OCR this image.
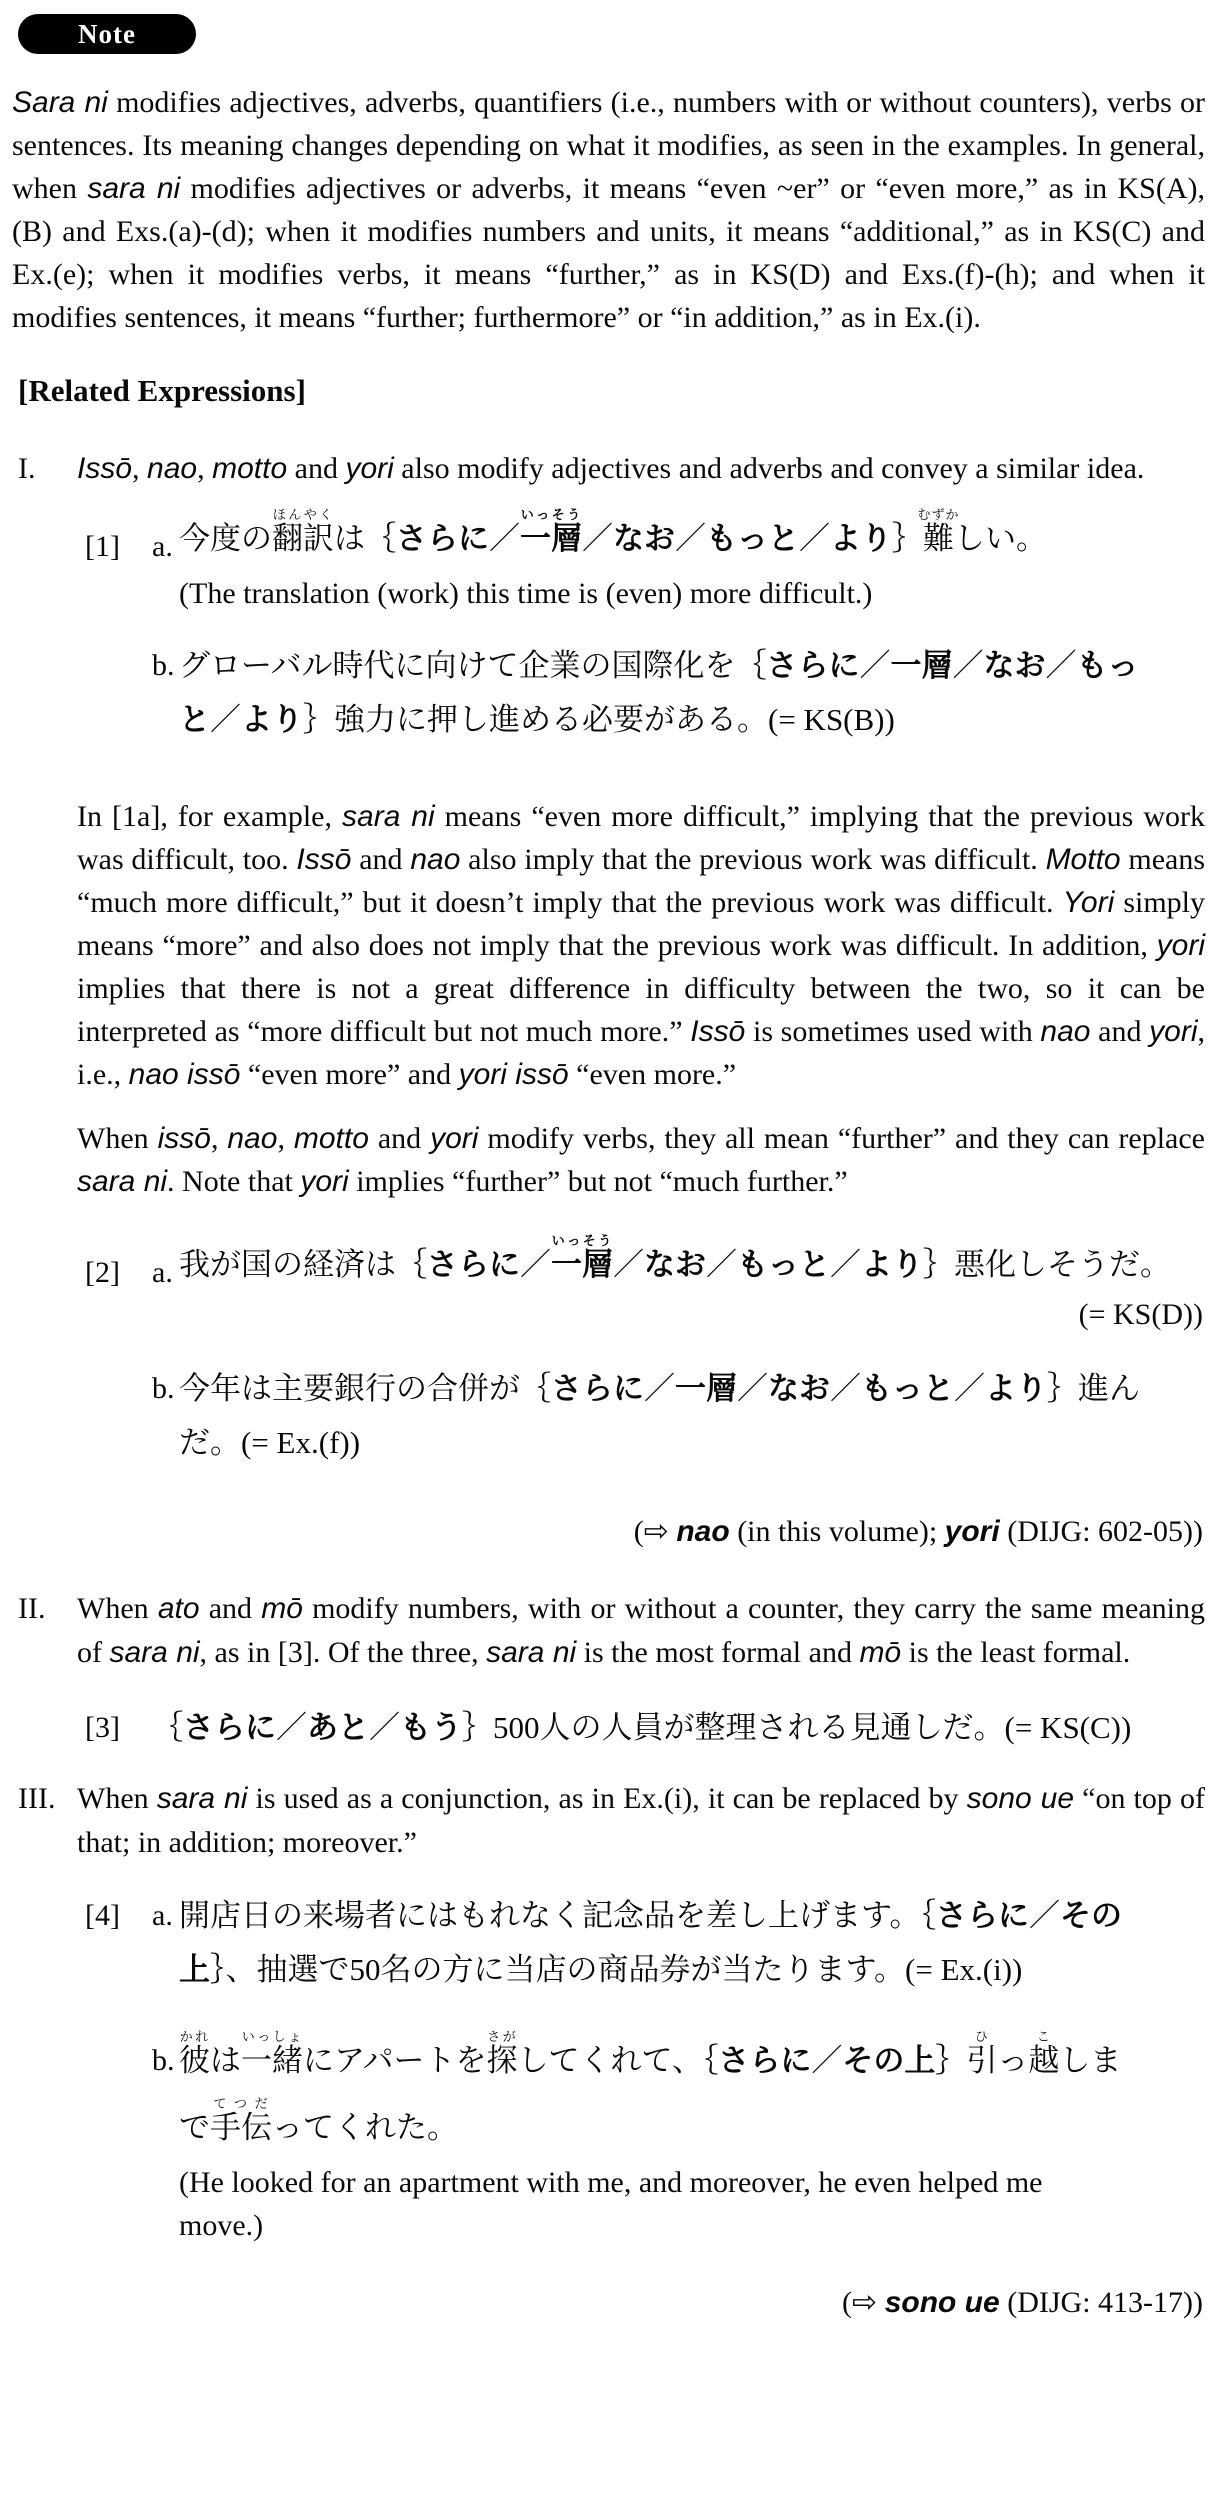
Note

Sara ni modifies adjectives, adverbs, quantifiers (i.e., numbers with or without counters), verbs or sentences. Its meaning changes depending on what it modifies, as seen in the examples. In general, when sara ni modifies adjectives or adverbs, it means “even ~er” or “even more,” as in KS(A), (B) and Exs.(a)-(d); when it modifies numbers and units, it means “additional,” as in KS(C) and Ex.(e); when it modifies verbs, it means “further,” as in KS(D) and Exs.(f)-(h); and when it modifies sentences, it means “further; furthermore” or “in addition,” as in Ex.(i).

[Related Expressions]
I.	Issō, nao, motto and yori also modify adjectives and adverbs and convey a similar idea.
[1]	a. 今度の翻訳ほんやくは｛さらに／一層いっそう／なお／もっと／より｝難むずかしい。
(The translation (work) this time is (even) more difficult.)
b. グローバル時代に向けて企業の国際化を｛さらに／一層／なお／もっ
と／より｝強力に押し進める必要がある。(= KS(B))

In [1a], for example, sara ni means “even more difficult,” implying that the previous work was difficult, too. Issō and nao also imply that the previous work was difficult. Motto means “much more difficult,” but it doesn’t imply that the previous work was difficult. Yori simply means “more” and also does not imply that the previous work was difficult. In addition, yori implies that there is not a great difference in difficulty between the two, so it can be interpreted as “more difficult but not much more.” Issō is sometimes used with nao and yori, i.e., nao issō “even more” and yori issō “even more.”

When issō, nao, motto and yori modify verbs, they all mean “further” and they can replace sara ni. Note that yori implies “further” but not “much further.”

[2]	a. 我が国の経済は｛さらに／一層いっそう／なお／もっと／より｝悪化しそうだ。
(= KS(D))
b. 今年は主要銀行の合併が｛さらに／一層／なお／もっと／より｝進ん
だ。(= Ex.(f))
(⇨ nao (in this volume); yori (DIJG: 602-05))
II.	When ato and mō modify numbers, with or without a counter, they carry the same meaning of sara ni, as in [3]. Of the three, sara ni is the most formal and mō is the least formal.
[3]	｛さらに／あと／もう｝500人の人員が整理される見通しだ。(= KS(C))
III. When sara ni is used as a conjunction, as in Ex.(i), it can be replaced by sono ue “on top of that; in addition; moreover.”
[4]	a. 開店日の来場者にはもれなく記念品を差し上げます。｛さらに／その
上｝、抽選で50名の方に当店の商品券が当たります。(= Ex.(i))
b. 彼かれは一緒いっしょにアパートを探さがしてくれて、｛さらに／その上｝引ひっ越こしま
で手伝てつだってくれた。
(He looked for an apartment with me, and moreover, he even helped me move.)
(⇨ sono ue (DIJG: 413-17))
